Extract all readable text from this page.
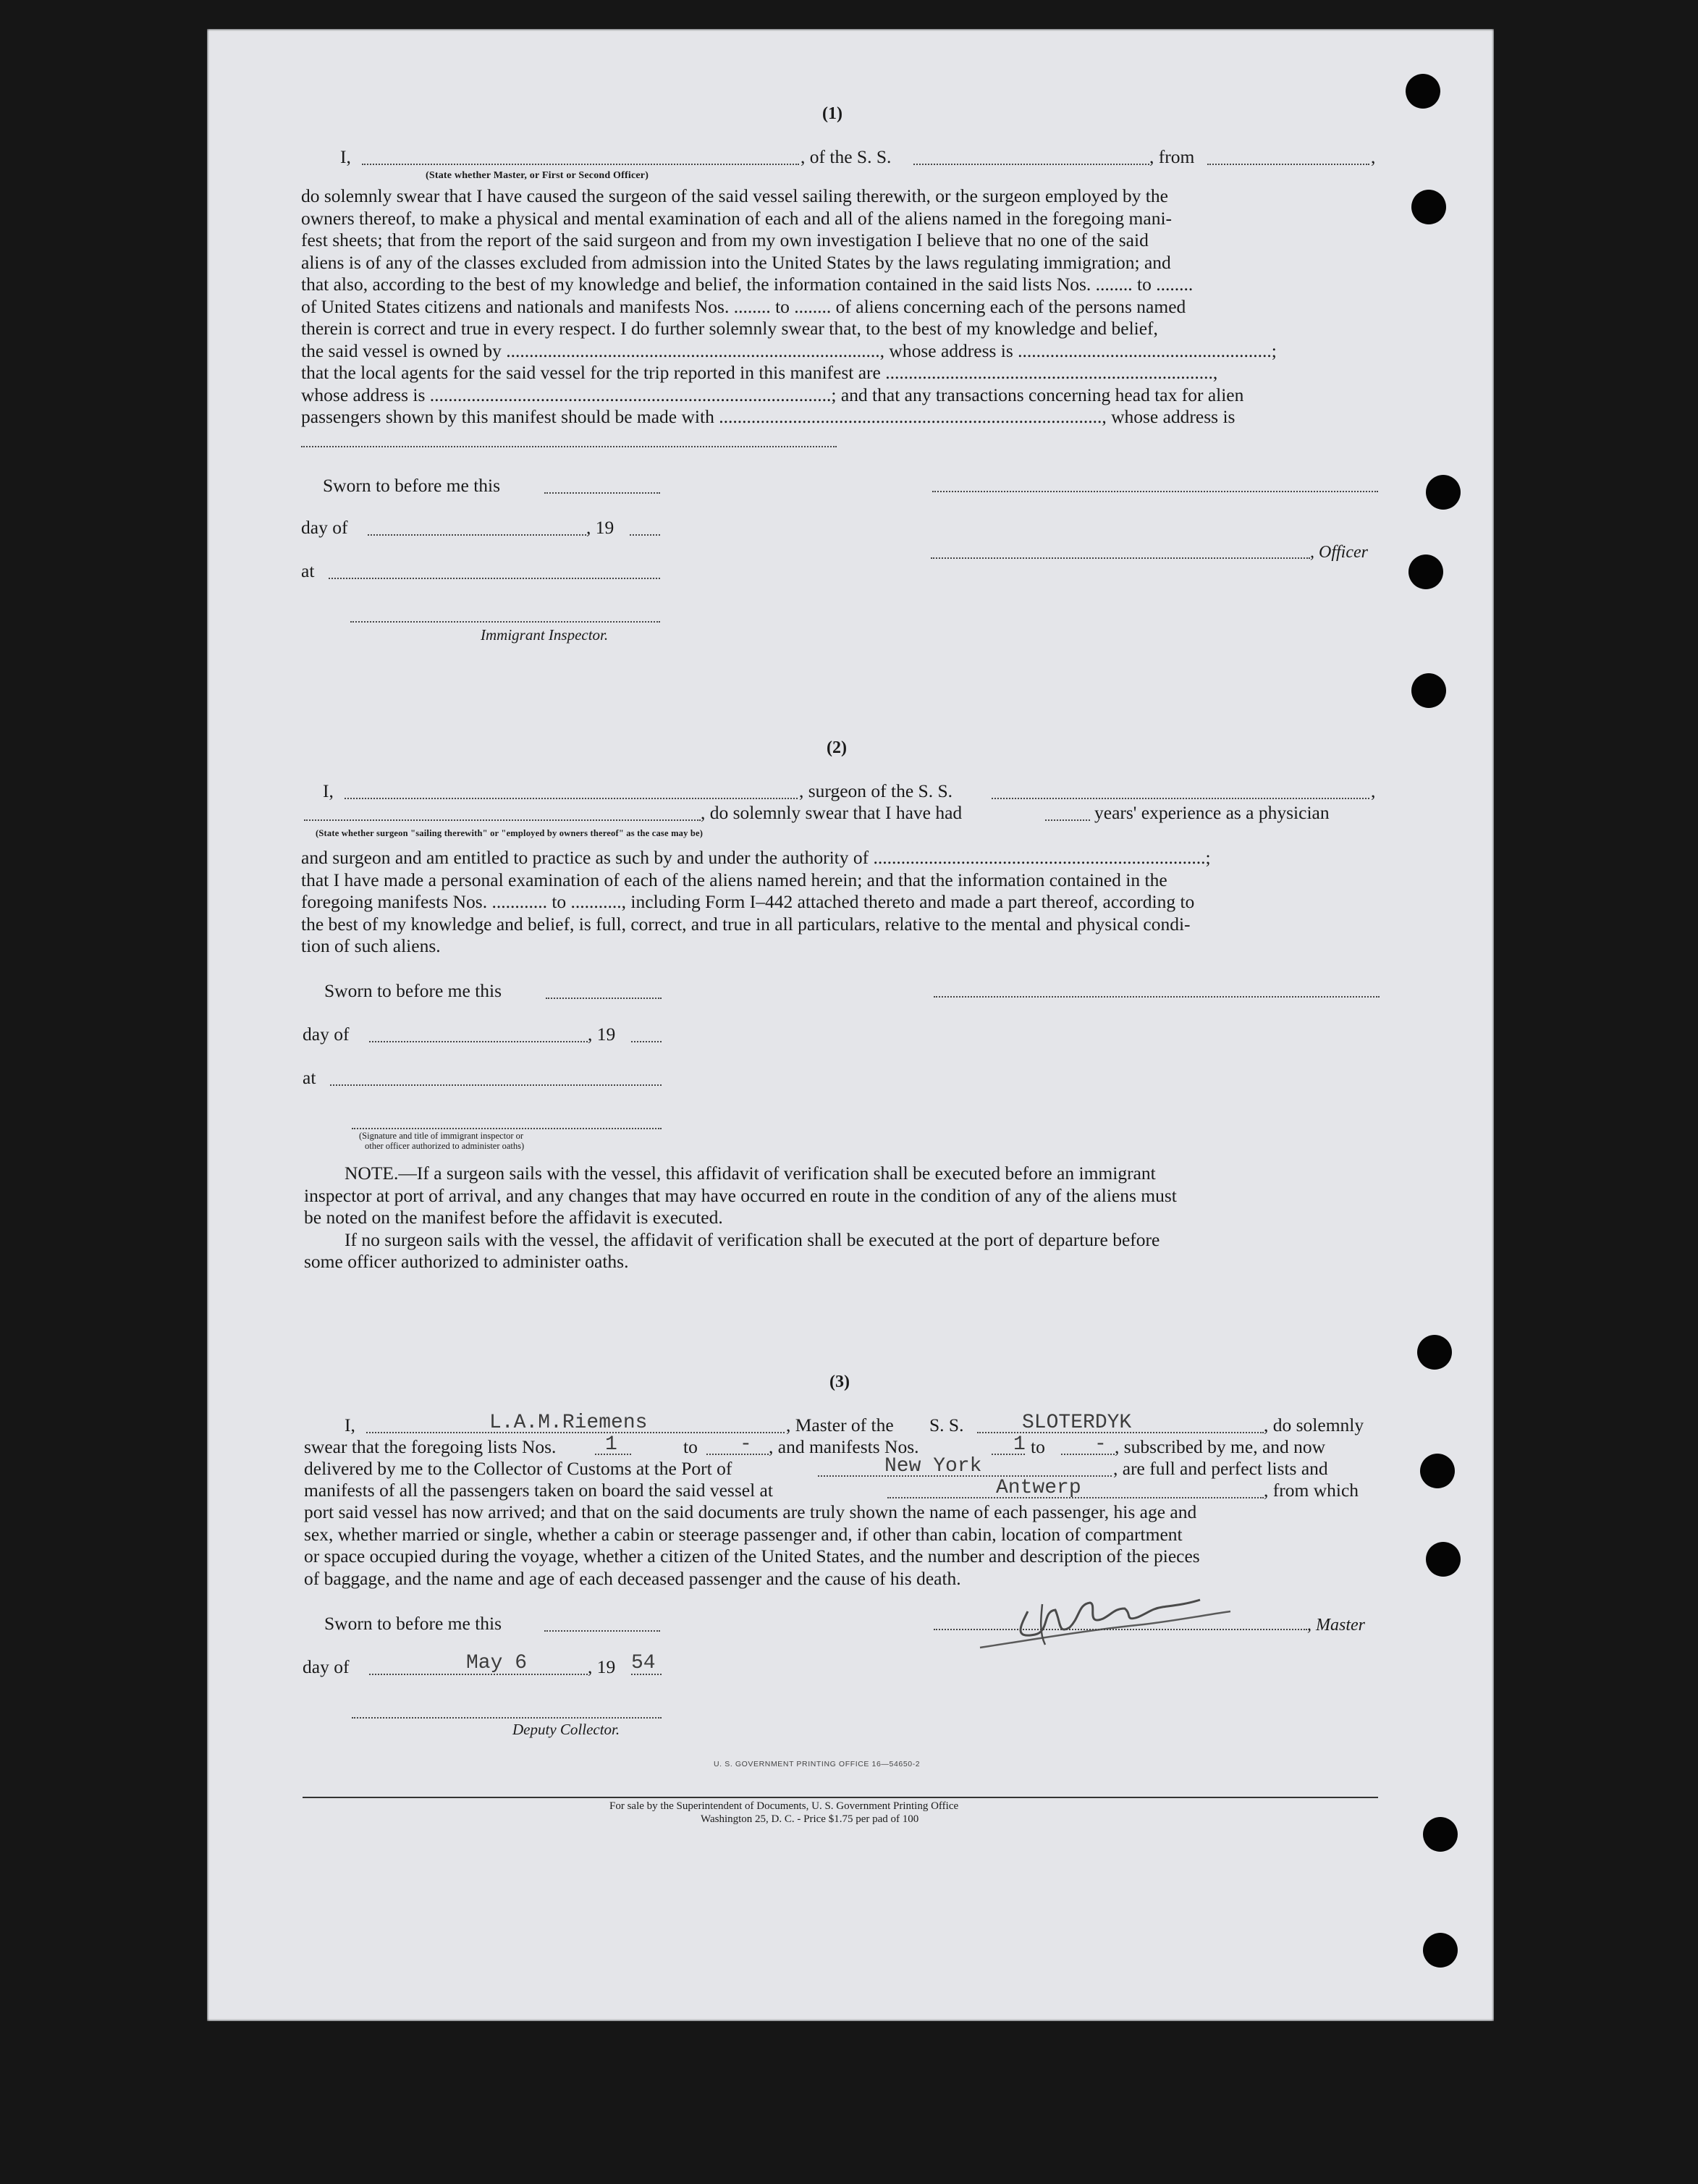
(1)
I,	, of the S. S.	, from	,
(State whether Master, or First or Second Officer)
do solemnly swear that I have caused the surgeon of the said vessel sailing therewith, or the surgeon employed by the
owners thereof, to make a physical and mental examination of each and all of the aliens named in the foregoing mani-
fest sheets; that from the report of the said surgeon and from my own investigation I believe that no one of the said
aliens is of any of the classes excluded from admission into the United States by the laws regulating immigration; and
that also, according to the best of my knowledge and belief, the information contained in the said lists Nos. ........ to ........
of United States citizens and nationals and manifests Nos. ........ to ........ of aliens concerning each of the persons named
therein is correct and true in every respect. I do further solemnly swear that, to the best of my knowledge and belief,
the said vessel is owned by ................................................................................., whose address is .......................................................;
that the local agents for the said vessel for the trip reported in this manifest are .......................................................................,
whose address is .......................................................................................; and that any transactions concerning head tax for alien
passengers shown by this manifest should be made with ..................................................................................., whose address is
Sworn to before me this
day of	, 19
, Officer
at
Immigrant Inspector.
(2)
I,	, surgeon of the S. S.	,
, do solemnly swear that I have had	years' experience as a physician
(State whether surgeon "sailing therewith" or "employed by owners thereof" as the case may be)
and surgeon and am entitled to practice as such by and under the authority of ........................................................................;
that I have made a personal examination of each of the aliens named herein; and that the information contained in the
foregoing manifests Nos. ............ to ..........., including Form I–442 attached thereto and made a part thereof, according to
the best of my knowledge and belief, is full, correct, and true in all particulars, relative to the mental and physical condi-
tion of such aliens.
Sworn to before me this
day of	, 19
at
(Signature and title of immigrant inspector or
other officer authorized to administer oaths)
NOTE.—If a surgeon sails with the vessel, this affidavit of verification shall be executed before an immigrant
inspector at port of arrival, and any changes that may have occurred en route in the condition of any of the aliens must
be noted on the manifest before the affidavit is executed.
If no surgeon sails with the vessel, the affidavit of verification shall be executed at the port of departure before
some officer authorized to administer oaths.
(3)
I,	L.A.M.Riemens	, Master of the S. S.	SLOTERDYK	, do solemnly
swear that the foregoing lists Nos. 1	to - , and manifests Nos.	1 to - , subscribed by me, and now
delivered by me to the Collector of Customs at the Port of	New York	, are full and perfect lists and
manifests of all the passengers taken on board the said vessel at	Antwerp	, from which
port said vessel has now arrived; and that on the said documents are truly shown the name of each passenger, his age and
sex, whether married or single, whether a cabin or steerage passenger and, if other than cabin, location of compartment
or space occupied during the voyage, whether a citizen of the United States, and the number and description of the pieces
of baggage, and the name and age of each deceased passenger and the cause of his death.
Sworn to before me this	, Master
day of	May 6	, 19 54
Deputy Collector.
U. S. GOVERNMENT PRINTING OFFICE 16—54650-2
For sale by the Superintendent of Documents, U. S. Government Printing Office
Washington 25, D. C. - Price $1.75 per pad of 100
